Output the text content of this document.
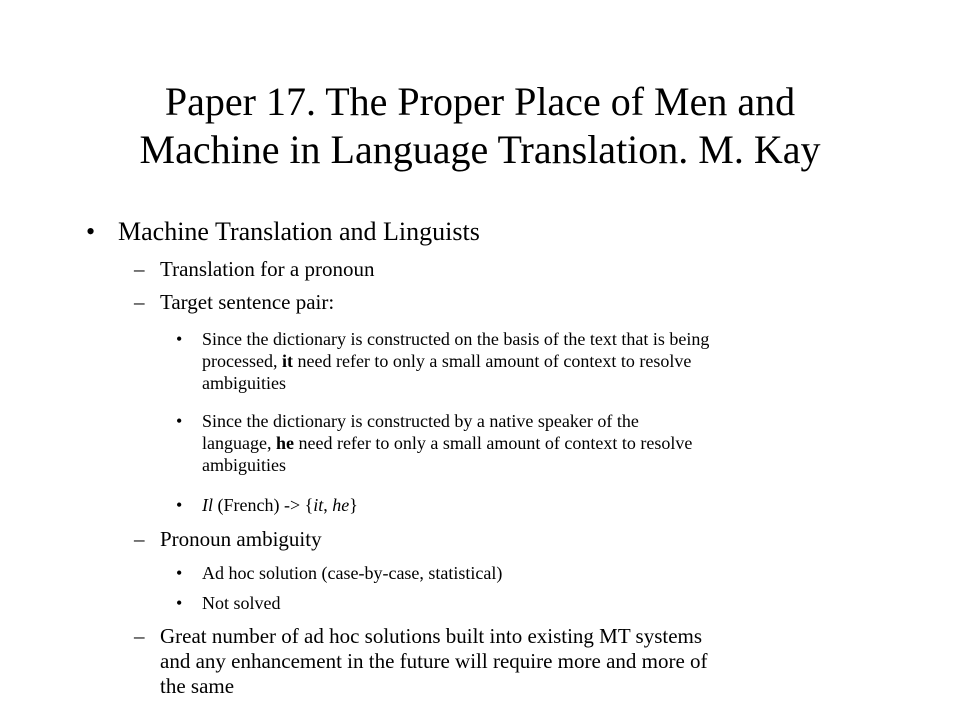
Paper 17. The Proper Place of Men and
Machine in Language Translation. M. Kay
• Machine Translation and Linguists
– Translation for a pronoun
– Target sentence pair:
• Since the dictionary is constructed on the basis of the text that is being
processed, it need refer to only a small amount of context to resolve
ambiguities
• Since the dictionary is constructed by a native speaker of the
language, he need refer to only a small amount of context to resolve
ambiguities
• Il (French) -> {it, he}
– Pronoun ambiguity
• Ad hoc solution (case-by-case, statistical)
• Not solved
– Great number of ad hoc solutions built into existing MT systems
and any enhancement in the future will require more and more of
the same
